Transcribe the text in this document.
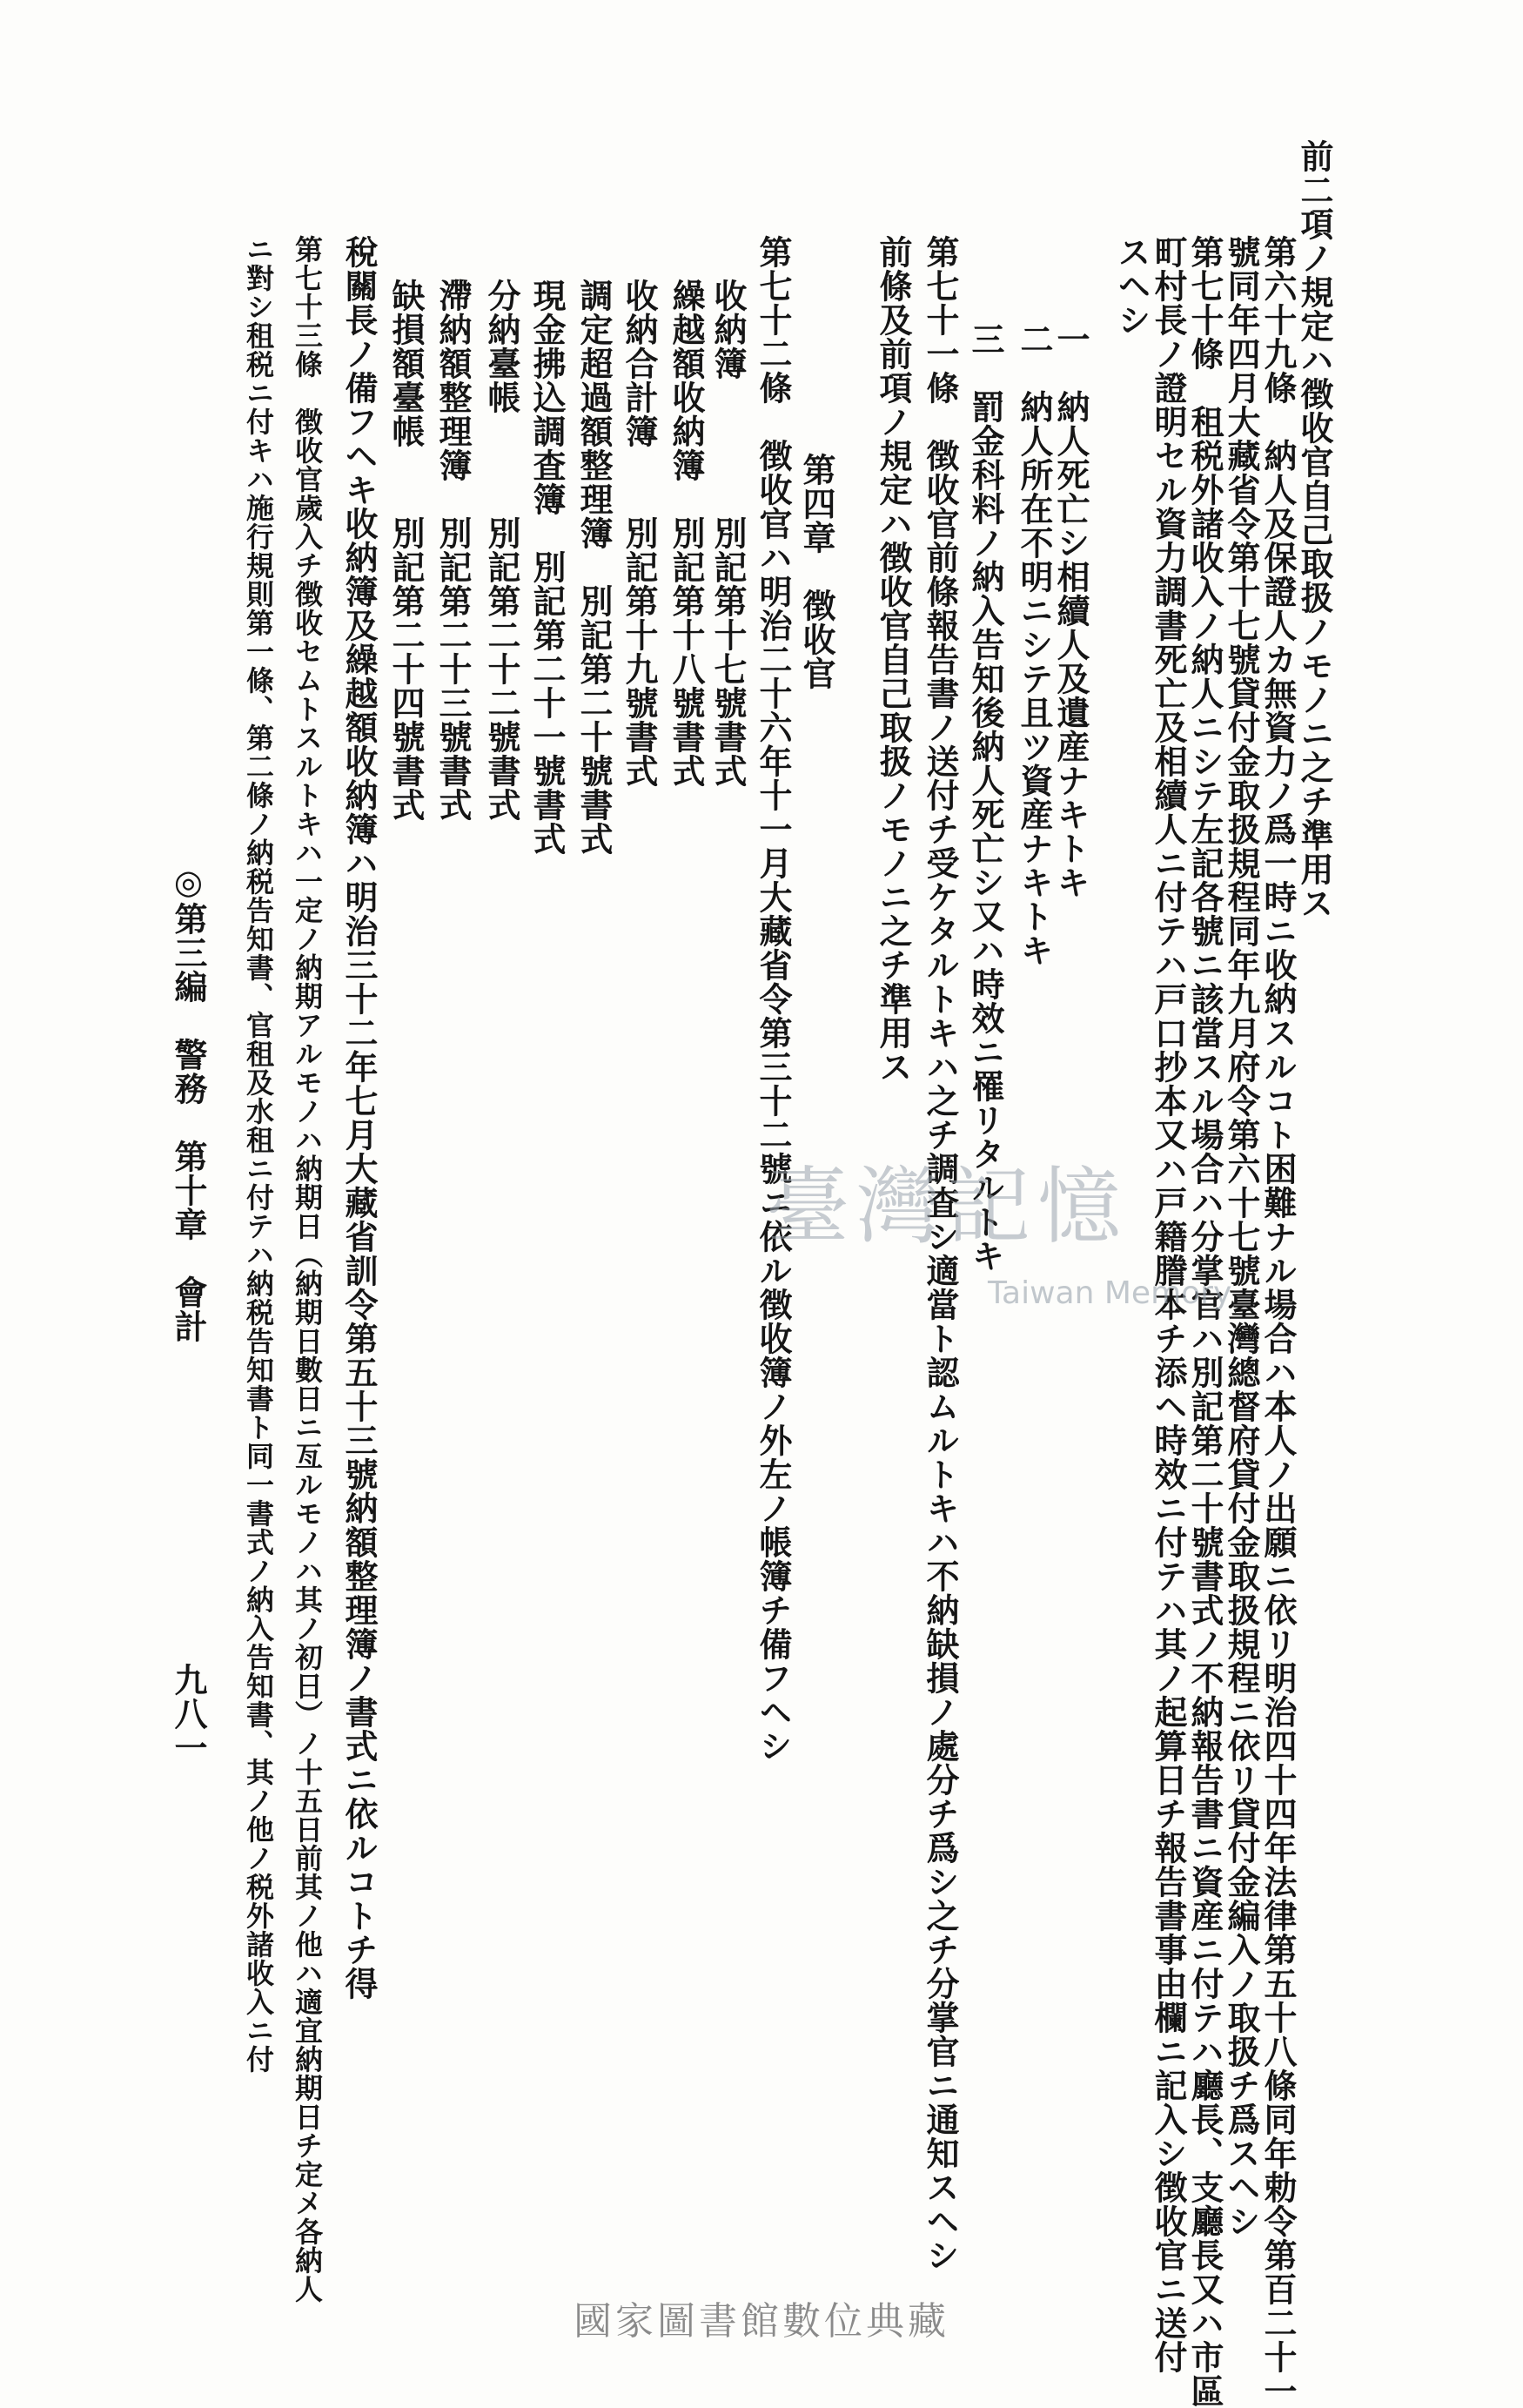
前二項ノ規定ハ徴收官自己取扱ノモノニ之チ準用ス
第六十九條　納人及保證人カ無資力ノ爲一時ニ收納スルコト困難ナル場合ハ本人ノ出願ニ依リ明治四十四年法律第五十八條同年勅令第百二十一
號同年四月大藏省令第十七號貸付金取扱規程同年九月府令第六十七號臺灣總督府貸付金取扱規程ニ依リ貸付金編入ノ取扱チ爲スヘシ
第七十條　租税外諸收入ノ納人ニシテ左記各號ニ該當スル場合ハ分掌官ハ別記第二十號書式ノ不納報告書ニ資産ニ付テハ廳長、支廳長又ハ市區
町村長ノ證明セル資力調書死亡及相續人ニ付テハ戸口抄本又ハ戸籍謄本チ添ヘ時效ニ付テハ其ノ起算日チ報告書事由欄ニ記入シ徴收官ニ送付
スヘシ
一　納人死亡シ相續人及遺産ナキトキ
二　納人所在不明ニシテ且ツ資産ナキトキ
三　罰金科料ノ納入告知後納人死亡シ又ハ時效ニ罹リタルトキ
第七十一條　徴收官前條報告書ノ送付チ受ケタルトキハ之チ調査シ適當ト認ムルトキハ不納缺損ノ處分チ爲シ之チ分掌官ニ通知スヘシ
前條及前項ノ規定ハ徴收官自己取扱ノモノニ之チ準用ス
第四章　徴收官
第七十二條　徴收官ハ明治二十六年十一月大藏省令第三十二號ニ依ル徴收簿ノ外左ノ帳簿チ備フヘシ
收納簿　　　　別記第十七號書式
繰越額收納簿　別記第十八號書式
收納合計簿　　別記第十九號書式
調定超過額整理簿　別記第二十號書式
現金拂込調査簿　別記第二十一號書式
分納臺帳　　　別記第二十二號書式
滯納額整理簿　別記第二十三號書式
缺損額臺帳　　別記第二十四號書式
稅關長ノ備フヘキ收納簿及繰越額收納簿ハ明治三十二年七月大藏省訓令第五十三號納額整理簿ノ書式ニ依ルコトチ得
第七十三條　徴收官歲入チ徴收セムトスルトキハ一定ノ納期アルモノハ納期日（納期日數日ニ亙ルモノハ其ノ初日）ノ十五日前其ノ他ハ適宜納期日チ定メ各納人
ニ對シ租税ニ付キハ施行規則第一條、第二條ノ納税告知書、官租及水租ニ付テハ納税告知書ト同一書式ノ納入告知書、其ノ他ノ税外諸收入ニ付
◎第三編　警務　第十章　會計
九八一
臺灣記憶
Taiwan Memory
國家圖書館數位典藏
